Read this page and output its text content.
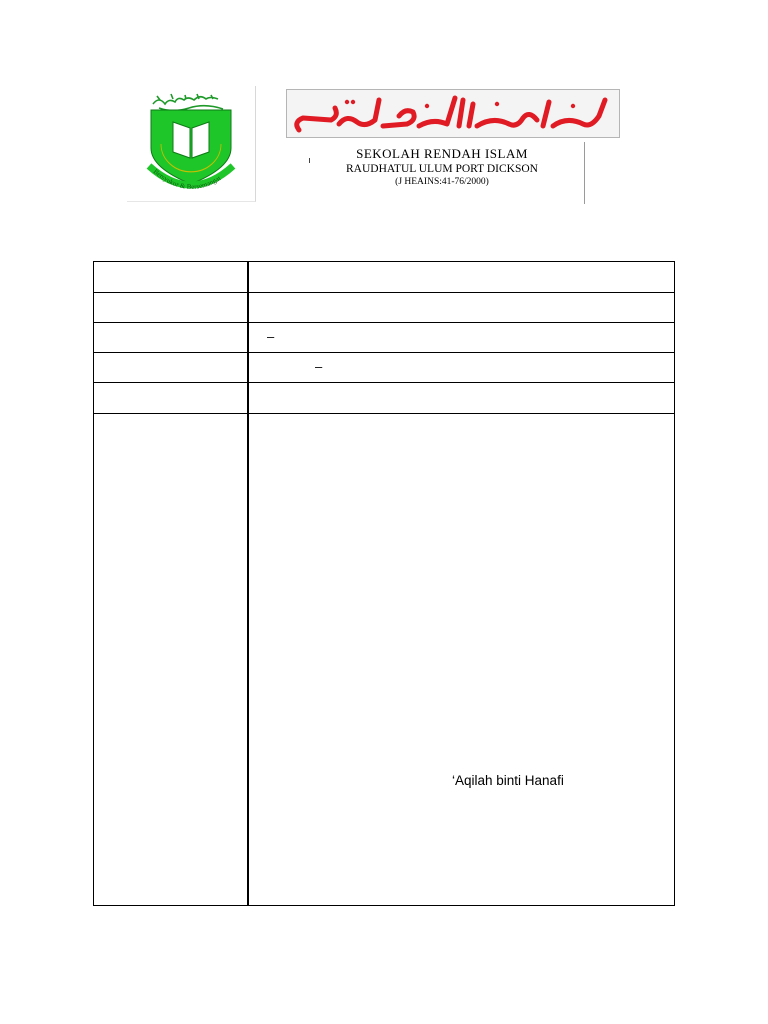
Bersyukur & Bersemangat
SEKOLAH RENDAH ISLAM
RAUDHATUL ULUM PORT DICKSON
(J HEAINS:41-76/2000)

	–

	–

	‘Aqilah binti Hanafi
